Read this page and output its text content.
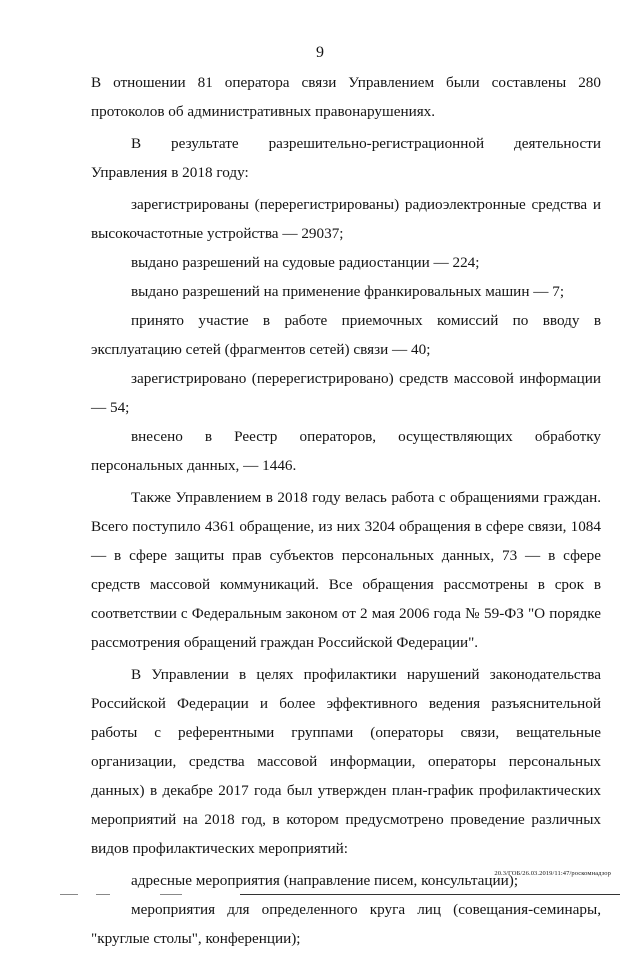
9

В отношении 81 оператора связи Управлением были составлены 280 протоколов об административных правонарушениях.

В результате разрешительно-регистрационной деятельности Управления в 2018 году:

зарегистрированы (перерегистрированы) радиоэлектронные средства и высокочастотные устройства — 29037;

выдано разрешений на судовые радиостанции — 224;

выдано разрешений на применение франкировальных машин — 7;

принято участие в работе приемочных комиссий по вводу в эксплуатацию сетей (фрагментов сетей) связи — 40;

зарегистрировано (перерегистрировано) средств массовой информации — 54;

внесено в Реестр операторов, осуществляющих обработку персональных данных, — 1446.

Также Управлением в 2018 году велась работа с обращениями граждан. Всего поступило 4361 обращение, из них 3204 обращения в сфере связи, 1084 — в сфере защиты прав субъектов персональных данных, 73 — в сфере средств массовой коммуникаций. Все обращения рассмотрены в срок в соответствии с Федеральным законом от 2 мая 2006 года № 59-ФЗ "О порядке рассмотрения обращений граждан Российской Федерации".

В Управлении в целях профилактики нарушений законодательства Российской Федерации и более эффективного ведения разъяснительной работы с референтными группами (операторы связи, вещательные организации, средства массовой информации, операторы персональных данных) в декабре 2017 года был утвержден план-график профилактических мероприятий на 2018 год, в котором предусмотрено проведение различных видов профилактических мероприятий:

адресные мероприятия (направление писем, консультации);

мероприятия для определенного круга лиц (совещания-семинары, "круглые столы", конференции);

20.3/ГОБ/26.03.2019/11:47/роскомнадзор
